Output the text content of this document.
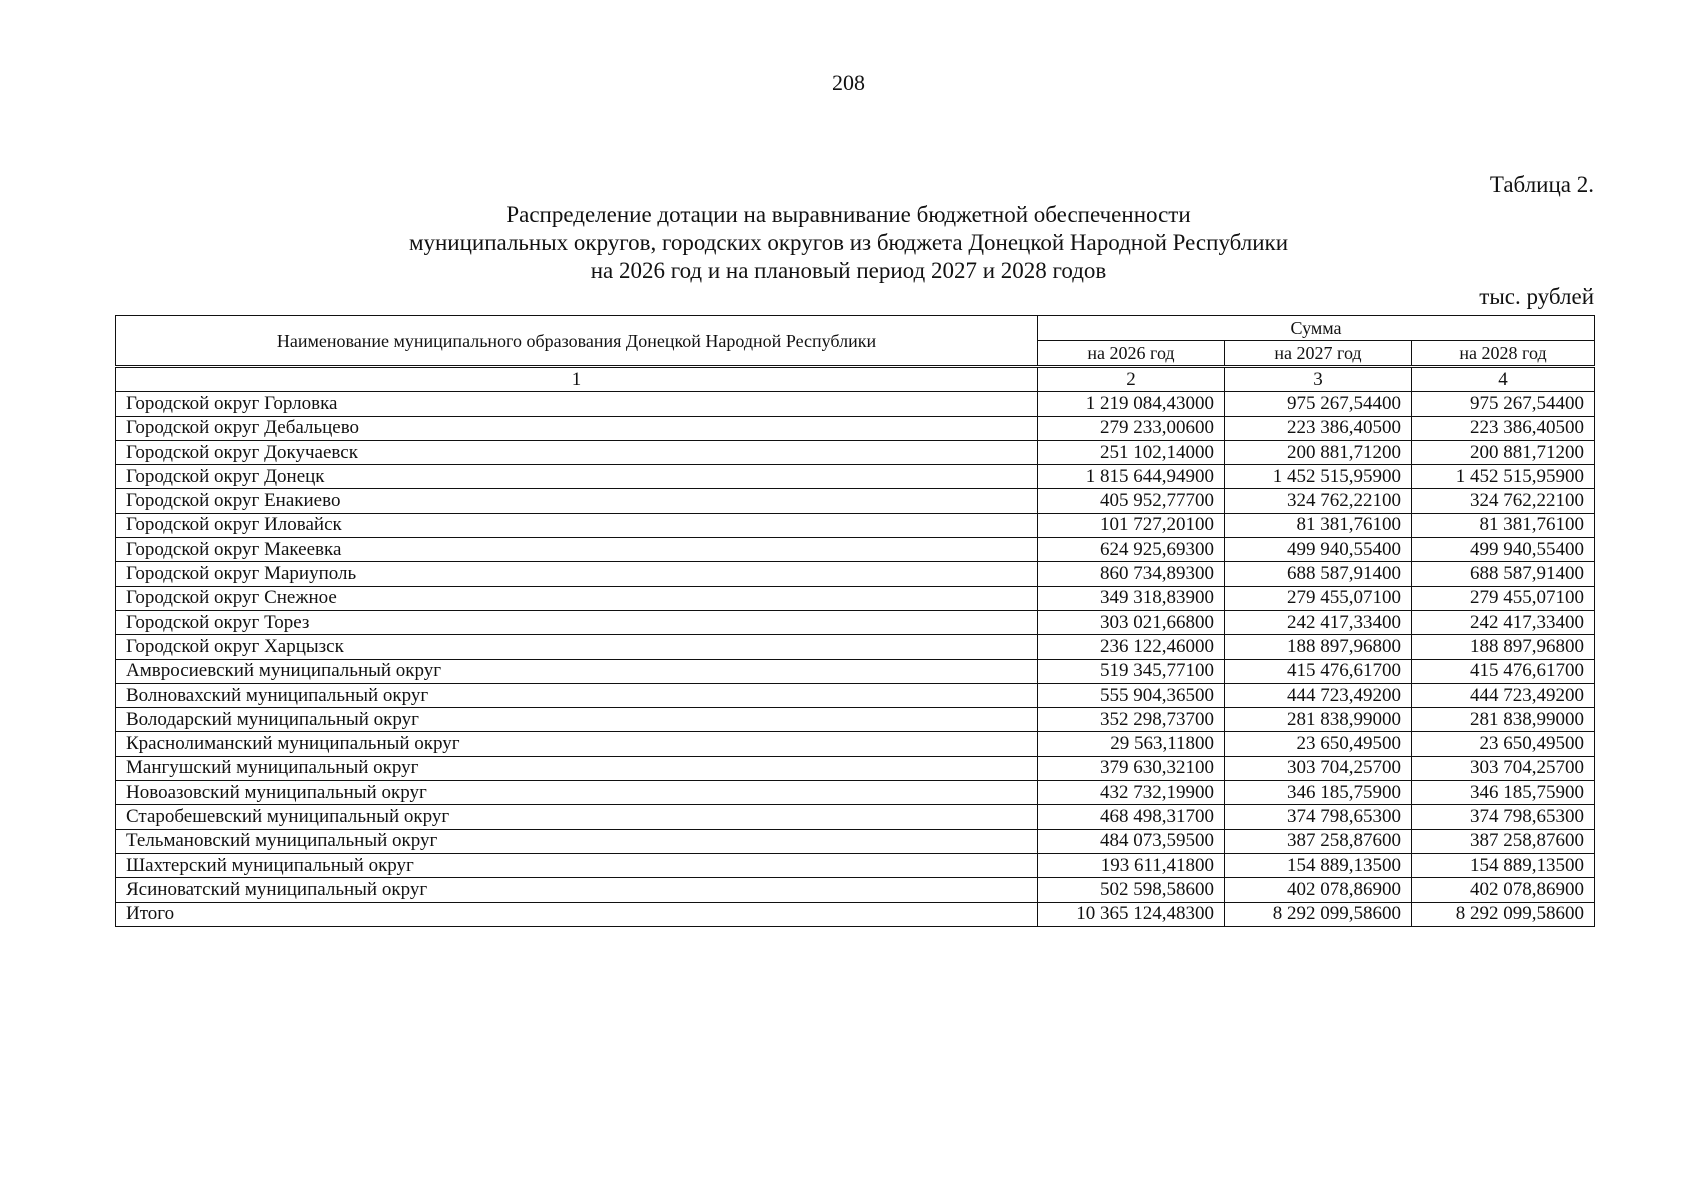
208
Таблица 2.
Распределение дотации на выравнивание бюджетной обеспеченности
муниципальных округов, городских округов из бюджета Донецкой Народной Республики
на 2026 год и на плановый период 2027 и 2028 годов
тыс. рублей
Наименование муниципального образования Донецкой Народной Республики	Сумма		
	на 2026 год	на 2027 год	на 2028 год
1	2	3	4
Городской округ Горловка	1 219 084,43000	975 267,54400	975 267,54400
Городской округ Дебальцево	279 233,00600	223 386,40500	223 386,40500
Городской округ Докучаевск	251 102,14000	200 881,71200	200 881,71200
Городской округ Донецк	1 815 644,94900	1 452 515,95900	1 452 515,95900
Городской округ Енакиево	405 952,77700	324 762,22100	324 762,22100
Городской округ Иловайск	101 727,20100	81 381,76100	81 381,76100
Городской округ Макеевка	624 925,69300	499 940,55400	499 940,55400
Городской округ Мариуполь	860 734,89300	688 587,91400	688 587,91400
Городской округ Снежное	349 318,83900	279 455,07100	279 455,07100
Городской округ Торез	303 021,66800	242 417,33400	242 417,33400
Городской округ Харцызск	236 122,46000	188 897,96800	188 897,96800
Амвросиевский муниципальный округ	519 345,77100	415 476,61700	415 476,61700
Волновахский муниципальный округ	555 904,36500	444 723,49200	444 723,49200
Володарский муниципальный округ	352 298,73700	281 838,99000	281 838,99000
Краснолиманский муниципальный округ	29 563,11800	23 650,49500	23 650,49500
Мангушский муниципальный округ	379 630,32100	303 704,25700	303 704,25700
Новоазовский муниципальный округ	432 732,19900	346 185,75900	346 185,75900
Старобешевский муниципальный округ	468 498,31700	374 798,65300	374 798,65300
Тельмановский муниципальный округ	484 073,59500	387 258,87600	387 258,87600
Шахтерский муниципальный округ	193 611,41800	154 889,13500	154 889,13500
Ясиноватский муниципальный округ	502 598,58600	402 078,86900	402 078,86900
Итого	10 365 124,48300	8 292 099,58600	8 292 099,58600
